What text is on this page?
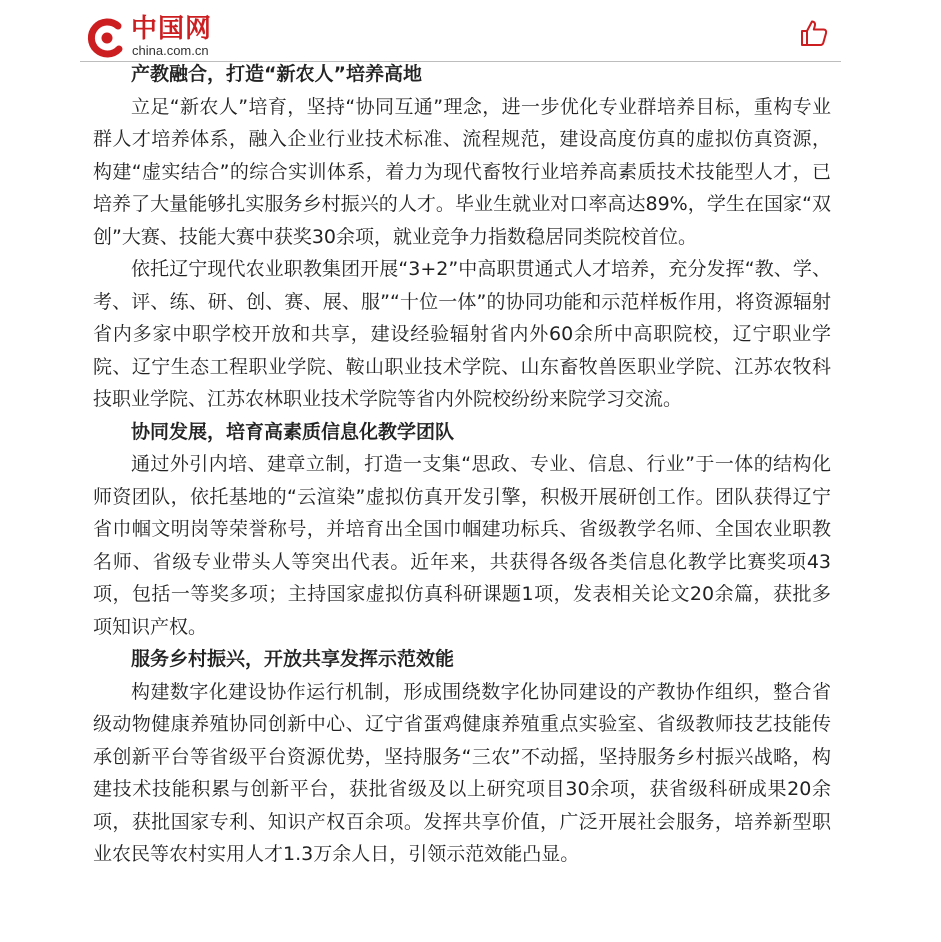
中国网
china.com.cn
产教融合，打造“新农人”培养高地

立足“新农人”培育，坚持“协同互通”理念，进一步优化专业群培养目标，重构专业群人才培养体系，融入企业行业技术标准、流程规范，建设高度仿真的虚拟仿真资源，构建“虚实结合”的综合实训体系，着力为现代畜牧行业培养高素质技术技能型人才，已培养了大量能够扎实服务乡村振兴的人才。毕业生就业对口率高达89%，学生在国家“双创”大赛、技能大赛中获奖30余项，就业竞争力指数稳居同类院校首位。

依托辽宁现代农业职教集团开展“3+2”中高职贯通式人才培养，充分发挥“教、学、考、评、练、研、创、赛、展、服”“十位一体”的协同功能和示范样板作用，将资源辐射省内多家中职学校开放和共享，建设经验辐射省内外60余所中高职院校，辽宁职业学院、辽宁生态工程职业学院、鞍山职业技术学院、山东畜牧兽医职业学院、江苏农牧科技职业学院、江苏农林职业技术学院等省内外院校纷纷来院学习交流。

协同发展，培育高素质信息化教学团队

通过外引内培、建章立制，打造一支集“思政、专业、信息、行业”于一体的结构化师资团队，依托基地的“云渲染”虚拟仿真开发引擎，积极开展研创工作。团队获得辽宁省巾帼文明岗等荣誉称号，并培育出全国巾帼建功标兵、省级教学名师、全国农业职教名师、省级专业带头人等突出代表。近年来，共获得各级各类信息化教学比赛奖项43项，包括一等奖多项；主持国家虚拟仿真科研课题1项，发表相关论文20余篇，获批多项知识产权。

服务乡村振兴，开放共享发挥示范效能

构建数字化建设协作运行机制，形成围绕数字化协同建设的产教协作组织，整合省级动物健康养殖协同创新中心、辽宁省蛋鸡健康养殖重点实验室、省级教师技艺技能传承创新平台等省级平台资源优势，坚持服务“三农”不动摇，坚持服务乡村振兴战略，构建技术技能积累与创新平台，获批省级及以上研究项目30余项，获省级科研成果20余项，获批国家专利、知识产权百余项。发挥共享价值，广泛开展社会服务，培养新型职业农民等农村实用人才1.3万余人日，引领示范效能凸显。
